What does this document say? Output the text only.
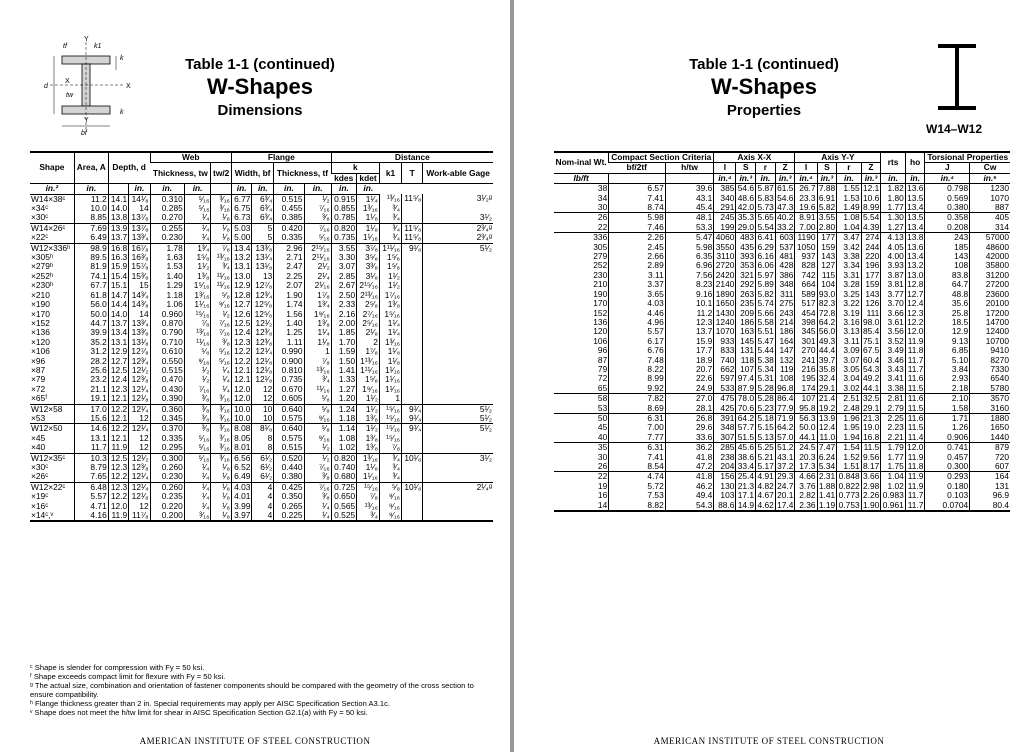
tf
Y
k1
k
d
X
X
tw
Y
bf
k
Table 1-1 (continued)
W-Shapes
Dimensions
Shape	Area, A	Depth, d		Web			Flange				Distance				
				Thickness, tw		tw/2	Width, bf		Thickness, tf		k		k1	T	Work-able Gage
											kdes	kdet			
in.²	in.		in.	in.	in.		in.	in.	in.	in.	in.	in.			
W14×38ᶜ	11.2	14.1	14¹⁄₈	0.310	⁵⁄₁₆	³⁄₁₆	6.77	6³⁄₄	0.515	¹⁄₂	0.915	1¹⁄₄	¹³⁄₁₆	11⁵⁄₈	3¹⁄₂ᵍ
×34ᶜ	10.0	14.0	14	0.285	⁵⁄₁₆	³⁄₁₆	6.75	6³⁄₄	0.455	⁷⁄₁₆	0.855	1³⁄₁₆	³⁄₄		
×30ᶜ	8.85	13.8	13⁷⁄₈	0.270	¹⁄₄	¹⁄₈	6.73	6³⁄₄	0.385	³⁄₈	0.785	1¹⁄₈	³⁄₄		3¹⁄₂
W14×26ᶜ	7.69	13.9	13⁷⁄₈	0.255	¹⁄₄	¹⁄₈	5.03	5	0.420	⁷⁄₁₆	0.820	1¹⁄₈	³⁄₄	11⁵⁄₈	2³⁄₄ᵍ
×22ᶜ	6.49	13.7	13³⁄₄	0.230	¹⁄₄	¹⁄₈	5.00	5	0.335	⁵⁄₁₆	0.735	1¹⁄₁₆	³⁄₄	11⁵⁄₈	2³⁄₄ᵍ
W12×336ʰ	98.9	16.8	16⁷⁄₈	1.78	1³⁄₄	⁷⁄₈	13.4	13³⁄₈	2.96	2¹⁵⁄₁₆	3.55	3⁷⁄₈	1¹¹⁄₁₆	9¹⁄₈	5¹⁄₂
×305ʰ	89.5	16.3	16³⁄₈	1.63	1⁵⁄₈	¹³⁄₁₆	13.2	13¹⁄₄	2.71	2¹¹⁄₁₆	3.30	3⁵⁄₈	1⁵⁄₈		
×279ʰ	81.9	15.9	15⁷⁄₈	1.53	1¹⁄₂	³⁄₄	13.1	13¹⁄₈	2.47	2¹⁄₂	3.07	3³⁄₈	1⁵⁄₈		
×252ʰ	74.1	15.4	15³⁄₈	1.40	1³⁄₈	¹¹⁄₁₆	13.0	13	2.25	2¹⁄₄	2.85	3¹⁄₈	1¹⁄₂		
×230ʰ	67.7	15.1	15	1.29	1⁵⁄₁₆	¹¹⁄₁₆	12.9	12⁷⁄₈	2.07	2¹⁄₁₆	2.67	2¹⁵⁄₁₆	1¹⁄₂		
×210	61.8	14.7	14³⁄₄	1.18	1³⁄₁₆	⁵⁄₈	12.8	12³⁄₄	1.90	1⁷⁄₈	2.50	2¹³⁄₁₆	1⁷⁄₁₆		
×190	56.0	14.4	14³⁄₈	1.06	1¹⁄₁₆	⁹⁄₁₆	12.7	12⁵⁄₈	1.74	1³⁄₄	2.33	2⁵⁄₈	1³⁄₈		
×170	50.0	14.0	14	0.960	¹⁵⁄₁₆	¹⁄₂	12.6	12⁵⁄₈	1.56	1⁹⁄₁₆	2.16	2⁷⁄₁₆	1⁵⁄₁₆		
×152	44.7	13.7	13³⁄₄	0.870	⁷⁄₈	⁷⁄₁₆	12.5	12¹⁄₂	1.40	1³⁄₈	2.00	2⁵⁄₁₆	1¹⁄₄		
×136	39.9	13.4	13³⁄₈	0.790	¹³⁄₁₆	⁷⁄₁₆	12.4	12³⁄₈	1.25	1¹⁄₄	1.85	2¹⁄₈	1¹⁄₄		
×120	35.2	13.1	13¹⁄₈	0.710	¹¹⁄₁₆	³⁄₈	12.3	12³⁄₈	1.11	1¹⁄₈	1.70	2	1³⁄₁₆		
×106	31.2	12.9	12⁷⁄₈	0.610	⁵⁄₈	⁵⁄₁₆	12.2	12¹⁄₄	0.990	1	1.59	1⁷⁄₈	1¹⁄₈		
×96	28.2	12.7	12³⁄₄	0.550	⁹⁄₁₆	⁵⁄₁₆	12.2	12¹⁄₈	0.900	⁷⁄₈	1.50	1¹³⁄₁₆	1¹⁄₈		
×87	25.6	12.5	12¹⁄₂	0.515	¹⁄₂	¹⁄₄	12.1	12¹⁄₈	0.810	¹³⁄₁₆	1.41	1¹¹⁄₁₆	1¹⁄₁₆		
×79	23.2	12.4	12³⁄₈	0.470	¹⁄₂	¹⁄₄	12.1	12¹⁄₈	0.735	³⁄₄	1.33	1⁵⁄₈	1¹⁄₁₆		
×72	21.1	12.3	12¹⁄₄	0.430	⁷⁄₁₆	¹⁄₄	12.0	12	0.670	¹¹⁄₁₆	1.27	1⁹⁄₁₆	1¹⁄₁₆		
×65ᶠ	19.1	12.1	12¹⁄₈	0.390	³⁄₈	³⁄₁₆	12.0	12	0.605	⁵⁄₈	1.20	1¹⁄₂	1		
W12×58	17.0	12.2	12¹⁄₄	0.360	³⁄₈	³⁄₁₆	10.0	10	0.640	⁵⁄₈	1.24	1¹⁄₂	¹⁵⁄₁₆	9¹⁄₄	5¹⁄₂
×53	15.6	12.1	12	0.345	³⁄₈	³⁄₁₆	10.0	10	0.575	⁹⁄₁₆	1.18	1³⁄₈	¹⁵⁄₁₆	9¹⁄₄	5¹⁄₂
W12×50	14.6	12.2	12¹⁄₄	0.370	³⁄₈	³⁄₁₆	8.08	8¹⁄₈	0.640	⁵⁄₈	1.14	1¹⁄₂	¹⁵⁄₁₆	9¹⁄₄	5¹⁄₂
×45	13.1	12.1	12	0.335	⁵⁄₁₆	³⁄₁₆	8.05	8	0.575	⁹⁄₁₆	1.08	1³⁄₈	¹⁵⁄₁₆		
×40	11.7	11.9	12	0.295	⁵⁄₁₆	³⁄₁₆	8.01	8	0.515	¹⁄₂	1.02	1³⁄₈	⁷⁄₈		
W12×35ᶜ	10.3	12.5	12¹⁄₂	0.300	⁵⁄₁₆	³⁄₁₆	6.56	6¹⁄₂	0.520	¹⁄₂	0.820	1³⁄₁₆	³⁄₄	10¹⁄₈	3¹⁄₂
×30ᶜ	8.79	12.3	12³⁄₈	0.260	¹⁄₄	¹⁄₈	6.52	6¹⁄₂	0.440	⁷⁄₁₆	0.740	1¹⁄₈	³⁄₄		
×26ᶜ	7.65	12.2	12¹⁄₄	0.230	¹⁄₄	¹⁄₈	6.49	6¹⁄₂	0.380	³⁄₈	0.680	1¹⁄₁₆	³⁄₄		
W12×22ᶜ	6.48	12.3	12¹⁄₄	0.260	¹⁄₄	¹⁄₈	4.03	4	0.425	⁷⁄₁₆	0.725	¹⁵⁄₁₆	⁵⁄₈	10¹⁄₈	2¹⁄₄ᵍ
×19ᶜ	5.57	12.2	12¹⁄₈	0.235	¹⁄₄	¹⁄₈	4.01	4	0.350	³⁄₈	0.650	⁷⁄₈	⁹⁄₁₆		
×16ᶜ	4.71	12.0	12	0.220	¹⁄₄	¹⁄₈	3.99	4	0.265	¹⁄₄	0.565	¹³⁄₁₆	⁹⁄₁₆		
×14ᶜ,ᵛ	4.16	11.9	11⁷⁄₈	0.200	³⁄₁₆	¹⁄₈	3.97	4	0.225	¹⁄₄	0.525	³⁄₄	⁹⁄₁₆		
ᶜ Shape is slender for compression with Fy = 50 ksi.
ᶠ Shape exceeds compact limit for flexure with Fy = 50 ksi.
ᵍ The actual size, combination and orientation of fastener components should be compared with the geometry of the cross section to ensure compatibility.
ʰ Flange thickness greater than 2 in. Special requirements may apply per AISC Specification Section A3.1c.
ᵛ Shape does not meet the h/tw limit for shear in AISC Specification Section G2.1(a) with Fy = 50 ksi.
AMERICAN INSTITUTE OF STEEL CONSTRUCTION
Table 1-1 (continued)
W-Shapes
Properties
W14–W12
Nom-inal Wt.	Compact Section Criteria		Axis X-X				Axis Y-Y				rts	ho	Torsional Properties	
	bf/2tf	h/tw	I	S	r	Z	I	S	r	Z			J	Cw
lb/ft			in.⁴	in.³	in.	in.³	in.⁴	in.³	in.	in.³	in.	in.	in.⁴	in.⁶
38	6.57	39.6	385	54.6	5.87	61.5	26.7	7.88	1.55	12.1	1.82	13.6	0.798	1230
34	7.41	43.1	340	48.6	5.83	54.6	23.3	6.91	1.53	10.6	1.80	13.5	0.569	1070
30	8.74	45.4	291	42.0	5.73	47.3	19.6	5.82	1.49	8.99	1.77	13.4	0.380	887
26	5.98	48.1	245	35.3	5.65	40.2	8.91	3.55	1.08	5.54	1.30	13.5	0.358	405
22	7.46	53.3	199	29.0	5.54	33.2	7.00	2.80	1.04	4.39	1.27	13.4	0.208	314
336	2.26	5.47	4060	483	6.41	603	1190	177	3.47	274	4.13	13.8	243	57000
305	2.45	5.98	3550	435	6.29	537	1050	159	3.42	244	4.05	13.6	185	48600
279	2.66	6.35	3110	393	6.16	481	937	143	3.38	220	4.00	13.4	143	42000
252	2.89	6.96	2720	353	6.06	428	828	127	3.34	196	3.93	13.2	108	35800
230	3.11	7.56	2420	321	5.97	386	742	115	3.31	177	3.87	13.0	83.8	31200
210	3.37	8.23	2140	292	5.89	348	664	104	3.28	159	3.81	12.8	64.7	27200
190	3.65	9.16	1890	263	5.82	311	589	93.0	3.25	143	3.77	12.7	48.8	23600
170	4.03	10.1	1650	235	5.74	275	517	82.3	3.22	126	3.70	12.4	35.6	20100
152	4.46	11.2	1430	209	5.66	243	454	72.8	3.19	111	3.66	12.3	25.8	17200
136	4.96	12.3	1240	186	5.58	214	398	64.2	3.16	98.0	3.61	12.2	18.5	14700
120	5.57	13.7	1070	163	5.51	186	345	56.0	3.13	85.4	3.56	12.0	12.9	12400
106	6.17	15.9	933	145	5.47	164	301	49.3	3.11	75.1	3.52	11.9	9.13	10700
96	6.76	17.7	833	131	5.44	147	270	44.4	3.09	67.5	3.49	11.8	6.85	9410
87	7.48	18.9	740	118	5.38	132	241	39.7	3.07	60.4	3.46	11.7	5.10	8270
79	8.22	20.7	662	107	5.34	119	216	35.8	3.05	54.3	3.43	11.7	3.84	7330
72	8.99	22.6	597	97.4	5.31	108	195	32.4	3.04	49.2	3.41	11.6	2.93	6540
65	9.92	24.9	533	87.9	5.28	96.8	174	29.1	3.02	44.1	3.38	11.5	2.18	5780
58	7.82	27.0	475	78.0	5.28	86.4	107	21.4	2.51	32.5	2.81	11.6	2.10	3570
53	8.69	28.1	425	70.6	5.23	77.9	95.8	19.2	2.48	29.1	2.79	11.5	1.58	3160
50	6.31	26.8	391	64.2	5.18	71.9	56.3	13.9	1.96	21.3	2.25	11.6	1.71	1880
45	7.00	29.6	348	57.7	5.15	64.2	50.0	12.4	1.95	19.0	2.23	11.5	1.26	1650
40	7.77	33.6	307	51.5	5.13	57.0	44.1	11.0	1.94	16.8	2.21	11.4	0.906	1440
35	6.31	36.2	285	45.6	5.25	51.2	24.5	7.47	1.54	11.5	1.79	12.0	0.741	879
30	7.41	41.8	238	38.6	5.21	43.1	20.3	6.24	1.52	9.56	1.77	11.9	0.457	720
26	8.54	47.2	204	33.4	5.17	37.2	17.3	5.34	1.51	8.17	1.75	11.8	0.300	607
22	4.74	41.8	156	25.4	4.91	29.3	4.66	2.31	0.848	3.66	1.04	11.9	0.293	164
19	5.72	46.2	130	21.3	4.82	24.7	3.76	1.88	0.822	2.98	1.02	11.9	0.180	131
16	7.53	49.4	103	17.1	4.67	20.1	2.82	1.41	0.773	2.26	0.983	11.7	0.103	96.9
14	8.82	54.3	88.6	14.9	4.62	17.4	2.36	1.19	0.753	1.90	0.961	11.7	0.0704	80.4
AMERICAN INSTITUTE OF STEEL CONSTRUCTION
